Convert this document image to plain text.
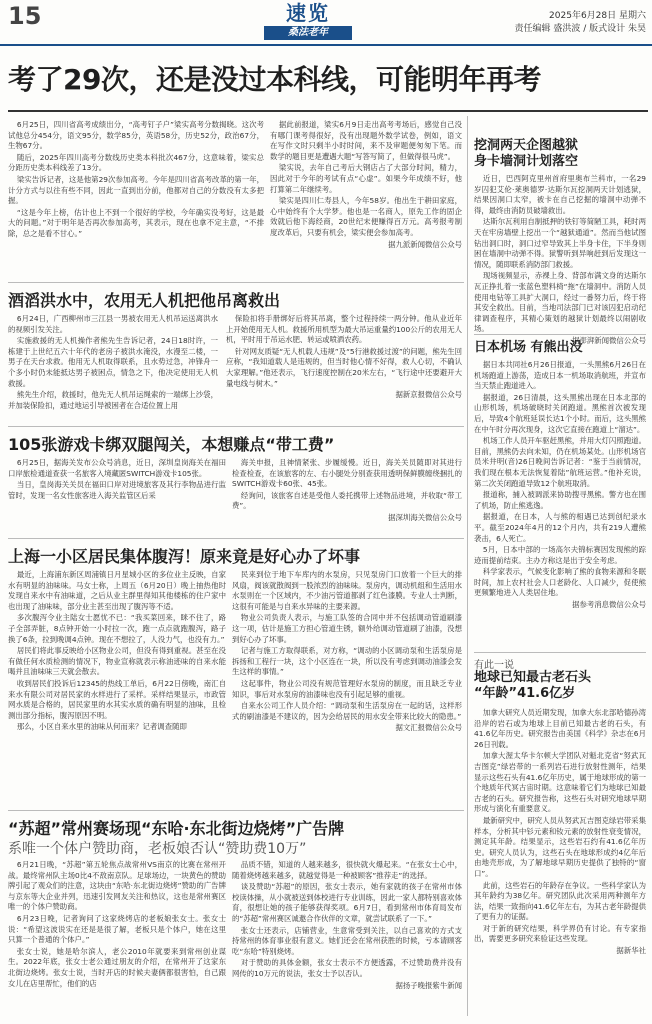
15	速览
桑法老年
2025年6月28日 星期六
责任编辑 盛洪波 / 版式设计 朱昊
考了29次，还是没过本科线，可能明年再考

6月25日，四川省高考成绩出分，“高考钉子户”梁实高考分数揭晓。这次考试他总分454分，语文95分，数学85分，英语58分，历史52分，政治67分，生物67分。

随后，2025年四川高考分数线历史类本科批次467分，这意味着，梁实总分距历史类本科线差了13分。

梁实告诉记者，这是他第29次参加高考。今年是四川省高考改革的第一年，计分方式与以往有些不同，因此一直到出分前，他都对自己的分数没有太多把握。

“这是今年上榜，估计也上不到一个很好的学校，今年确实没考好，这是最大的问题。”对于明年是否再次参加高考，其表示，现在也拿不定主意，“不排除，总之是看不甘心。”

据此前报道，梁实6月9日走出高考考场后，感觉自己没有哪门课考得很好，没有出现题外数学试卷，例如，语文在写作文时只剩半小时时间，来不及审题便匆匆下笔。而数学的题目更是遭遇大题“写答写简了，但做得很马虎”。

梁实说，去年自己考后大钢店占了大部分时间，精力，因此对于今年的考试有点“心虚”。如果今年成绩不好，他打算第二年继续考。

梁实是四川仁寿县人，今年58岁。他出生于耕田家庭，心中始终有个大学梦。他也是一名商人，原先工作的固企效就后他下海经商，20世纪末便赚得百万元。高考报考制度改革后，只要有机会，梁实便会参加高考。

据九派新闻微信公众号

酒滔洪水中，农用无人机把他吊离救出

6月24日，广西柳州市三江县一男被农用无人机吊运送离洪水的视频引发关注。

实施救援的无人机操作者熊先生告诉记者，24日18时许，一栋建于上世纪五六十年代的老房子被洪水淹没，水漫至二楼，一男子在天台求救。他用无人机取得联系，且水势过急，冲锋舟一个多小时仍未能抵达男子被困点，情急之下，他决定使用无人机救援。

熊先生介绍，救援时，他先无人机吊运绳索的一端绑上沙袋，并加装保险扣，通过地运引导被困者在合适位置上用

保险扣将手册绑好后将其吊离，整个过程持续一两分钟。他从业近年上开始使用无人机。救援所用机型为最大吊运重量约100公斤的农用无人机，平时用于吊运水肥、转运或喷洒农药。

针对网友质疑“无人机载人违规”及“5行港救援过渡”的问题，熊先生回应称，“我知道载人是违规的，但当时他心情不好得，救人心切，不确认大家理解。”他还表示，飞行速度控制在20米左右，“飞行途中还要避开大量电线与树木。”

据新京报微信公众号

105张游戏卡绑双腿闯关，本想赚点“带工费”

6月25日，据海关发布公众号消息，近日，深圳皇岗海关在福田口岸旅检通道查获一名旅客入境藏匿SWITCH游戏卡105张。

当日，皇岗海关关员在福田口岸对进境旅客及其行李物品进行监管时，发现一名女性旅客进入海关监管区后采

海关申报，且神情紧张、步履缓慢。近日，海关关员随即对其进行检查检查，在该旅客的左、右小腿处分别查获用透明保鲜膜缠绕捆扎的SWITCH游戏卡60张、45张。

经询问，该旅客自述是受他人委托携带上述物品进境，并收取“带工费”。

据深圳海关微信公众号

上海一小区居民集体腹泻！原来竟是好心办了坏事

最近，上海浦东新区周浦镇日月星城小区的多位业主反映，自家水有明显的油味味。马女士称，上周五（6月20日）晚上抽热他时发现自来水中有油味道，之后从业主群里得知其他楼栋的住户家中也出现了油味味，部分业主甚至出现了腹泻等不适。

多次腹泻令业主陆女士愿忧不已：“我买菜回来，眯不住了，路子全部弄脏，8点钟开始一小时拉一次，跑一点点就跑腹泻，路子换了6条，拉到晚调4点钟。现在不想拉了，人没力气，也没有力。”

居民们将此事反映给小区物业公司，但没有得到重视。甚至在没有做任何水质检测的情况下，物业宣称就表示称油迹味的自来水能喝并且油味味三天就会散去。

收到居民们投诉后12345的热线工单后，6月22日傍晚，南汇自来水有限公司对居民家的水样进行了采样。采样结果显示，市政管网水质是合格的，居民家里的水其实水质的确有明显的油味，且检测出部分指标，腹泻原因不明。

那么，小区自来水里的油味从何而来？记者调查随即

民来到位于地下车库内的水泵房，只见泵房门口放着一个巨大的排风扇，阀该就散阀到一股浓烈的油味味。泵房内，调动机组和生活用水水泵则在一个区域内，不少油污管道都剥了红色漆膜。专业人士判断，这很有可能是与自来水异味的主要来源。

物业公司负责人表示，与施工队签的合同中并不包括调动管道刷漆这一项，估计是施工方担心管道生锈，额外给调动管道刷了油漆，没想到好心办了坏事。

记者与施工方取得联系，对方称，“调动的小区调动泵和生活泵房是拆扬和工程行一块，这个小区连在一块，所以没有考虑到调动油漆会发生这样的事情。”

这起事件，物业公司没有规范管理好水泵房的制度，而且缺乏专业知识，事后对水泵房的油漆味也没有引起足够的重视。

自来水公司工作人员介绍：“调动泵和生活泵房在一起的话，这样形式的刷油漆是不建议的，因为会给居民的用水安全带来比较大的隐患。”

据文汇报微信公众号

“苏超”常州赛场现“东哈·东北街边烧烤”广告牌
系唯一个体户赞助商，老板娘否认“赞助费10万”

6月21日晚，“苏超”第五轮焦点战常州VS南京的比赛在常州开战。最终常州队主场0比4不敌南京队。足球场边，一块黄色的赞助牌引起了观众们的注意，这块由“东哈·东北街边烧烤”赞助的广告牌与京东等大企业并列，迅速引发网友关注和热议，这也是常州赛区唯一的个体户赞助商。

6月23日晚，记者询问了这家烧烤店的老板娘张女士。张女士说：“希望这波说实在还是是很了解，老板只是个体户，她在这里只算一个普通的个体户。”

张女士说，她是哈尔滨人，老公2010年就要来到常州创业谋生。2022年底，张女士老公通过朋友的介绍，在常州开了这家东北街边烧烤。张女士说，当时开店的时候夫妻俩都很害怕，自己跟女儿在店里帮忙，他们的店

品质不错，知道的人越来越多，很快就火爆起来。“在张女士心中，随着烧烤越来越多，就越觉得是一种被顾客”推荐走”的选择。

谈及赞助“苏超”的原因，张女士表示，她有家就的孩子在常州市体校读体操，从小就被送到体校进行专业训练，因此一家人都特别喜欢体育，很想让她的孩子能够获得奖项。6月7日，看到常州市体育局发布的“苏超”常州赛区诚邀合作伙伴的文章，就尝试联系了一下。”

张女士还表示，店铺营业，生意常受到关注，以自己喜欢的方式支持常州的体育事业很有意义。她们还会在常州获胜的时候，亏本请顾客吃“东哈”特别烧烤。

对于赞助的具体金额，张女士表示不方便透露，不过赞助费并没有网传的10万元的说法，张女士予以否认。

据扬子晚报紫牛新闻

挖洞两天企图越狱
身卡墙洞计划落空

近日，巴西阿克里州首府里奥布兰科市，一名29岁囚犯艾伦·莱奥德罗·达斯尔瓦挖洞两天计划逃狱，结果因洞口太窄，被卡在自己挖掘的墙洞中动弹不得，最终由消防员破墙救出。

达斯尔瓦利用自制抵押的铁钉等简陋工具，耗时两天在牢房墙壁上挖出一个“越狱通道”。然而当他试图钻出洞口时，洞口过窄导致其上半身卡住，下半身则困在墙洞中动弹不得。狱警听到异响赶到后发现这一情况，随即联系消防部门救援。

现场视频显示，赤裸上身、背部布满文身的达斯尔瓦正挣扎着一张蓝色塑料椅“拖”在墙洞中。消防人员使用电钻等工具扩大洞口，经过一番努力后，终于将其安全救出。目前，当地司法部门已对该囚犯启动纪律调查程序，其精心策划的越狱计划最终以闹剧收场。

据澎湃新闻微信公众号

日本机场 有熊出没

据日本共同社6月26日报道，一头黑熊6月26日在机场跑道上游荡，造成日本一机场取消航班，并宣布当天禁止跑道进入。

据报道，26日清晨，这头黑熊出现在日本北部的山形机场，机场破晓时关闭跑道。黑熊首次被发现后，导致4个航班延误长达1个小时。而后，这头黑熊在中午时分再次现身，这次它直接在跑道上“溜达”。

机场工作人员开车驱赶黑熊，并用大灯闪照跑道。目前，黑熊仍去向未知，仍在机场某处。山形机场官员米井明(音)26日晚间告诉记者：“鉴于当前情况，我们现在根本无法恢复着陆”航班运营。”他补充说，第二次关闭跑道导致12个航班取消。

报道称，捕入被调派来协助搜寻黑熊。警方也在围了机场，防止熊逃逸。

据报道，在日本，人与熊的相遇已达到创纪录水平。截至2024年4月的12个月内，共有219人遭熊袭击，6人死亡。

5月，日本中部的一场高尔夫锦标赛因发现熊的踪迹而提前结束。主办方称这是出于安全考虑。

科学家表示，气候变化影响了熊的食物来源和冬眠时间，加上农村社会人口老龄化、人口减少，促使熊更频繁地进入人类居住地。

据参考消息微信公众号

有此一说
地球已知最古老石头
“年龄”41.6亿岁

加拿大研究人员近期发现，加拿大东北部哈德孙湾沿岸的岩石或为地球上目前已知最古老的石头，有41.6亿年历史。研究报告由美国《科学》杂志在6月26日刊载。

加拿大渥太华卡尔顿大学团队对魁北克省“努武瓦吉图克”绿岩带的一系列岩石进行放射性测年，结果显示这些石头有41.6亿年历史，属于地球形成的第一个地质年代冥古宙时期。这意味着它们为地球已知最古老的石头。研究报告称，这些石头对研究地球早期形成与演化有重要意义。

最新研究中，研究人员从努武瓦吉图克绿岩带采集样本，分析其中钐元素和钕元素的放射性衰变情况，测定其年龄。结果显示，这些岩石约有41.6亿年历史。研究人员认为，这些石头在地球形成约4亿年后由地壳形成，为了解地球早期历史提供了独特的“窗口”。

此前，这些岩石的年龄存在争议。一些科学家认为其年龄约为38亿年。研究团队此次采用两种测年方法，结果一致指向41.6亿年左右，为其古老年龄提供了更有力的证据。

对于新的研究结果，科学界仍有讨论。有专家指出，需要更多研究来验证这些发现。

据新华社
